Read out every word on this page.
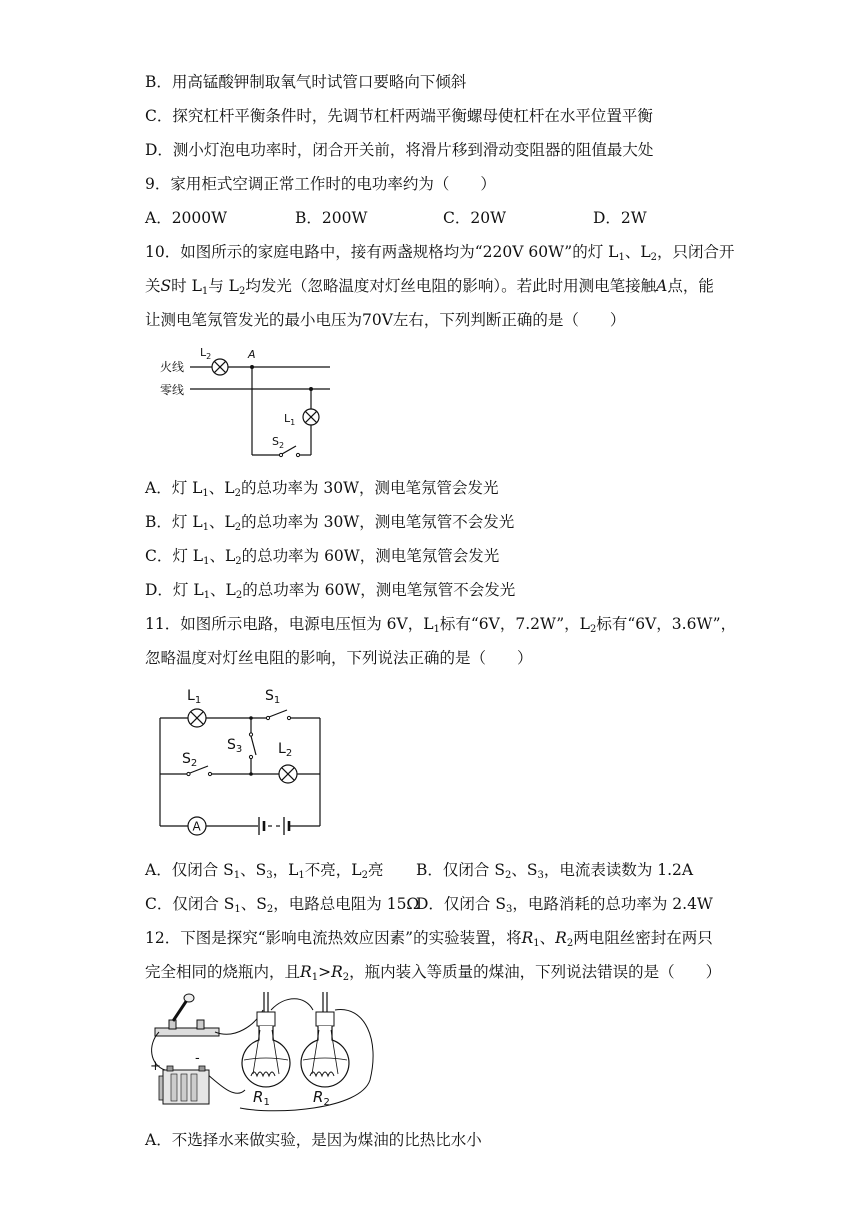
B．用高锰酸钾制取氧气时试管口要略向下倾斜
C．探究杠杆平衡条件时，先调节杠杆两端平衡螺母使杠杆在水平位置平衡
D．测小灯泡电功率时，闭合开关前，将滑片移到滑动变阻器的阻值最大处
9．家用柜式空调正常工作时的电功率约为（　　）
A．2000W	B．200W	C．20W	D．2W
10．如图所示的家庭电路中，接有两盏规格均为“220V 60W”的灯 $L_1$、$L_2$，只闭合开
关S时 $L_1$与 $L_2$均发光（忽略温度对灯丝电阻的影响）。若此时用测电笔接触A点，能
让测电笔氖管发光的最小电压为70V左右，下列判断正确的是（　　）
火线
零线
$L_2$	A
$L_1$
$S_2$
A．灯 $L_1$、$L_2$的总功率为 30W，测电笔氖管会发光
B．灯 $L_1$、$L_2$的总功率为 30W，测电笔氖管不会发光
C．灯 $L_1$、$L_2$的总功率为 60W，测电笔氖管会发光
D．灯 $L_1$、$L_2$的总功率为 60W，测电笔氖管不会发光
11．如图所示电路，电源电压恒为 6V，$L_1$标有“6V，7.2W”，$L_2$标有“6V，3.6W”，
忽略温度对灯丝电阻的影响，下列说法正确的是（　　）
$L_1$	$S_1$
$S_2$
$S_3$	$L_2$
A
A．仅闭合 $S_1$、$S_3$，$L_1$不亮，$L_2$亮 B．仅闭合 $S_2$、$S_3$，电流表读数为 1.2A
C．仅闭合 $S_1$、$S_2$，电路总电阻为 15Ω
D．仅闭合 $S_3$，电路消耗的总功率为 2.4W
12．下图是探究“影响电流热效应因素”的实验装置，将$R_1$、$R_2$两电阻丝密封在两只
完全相同的烧瓶内，且$R_1>R_2$，瓶内装入等质量的煤油，下列说法错误的是（　　）
+
-
$R_1$	$R_2$
A．不选择水来做实验，是因为煤油的比热比水小
